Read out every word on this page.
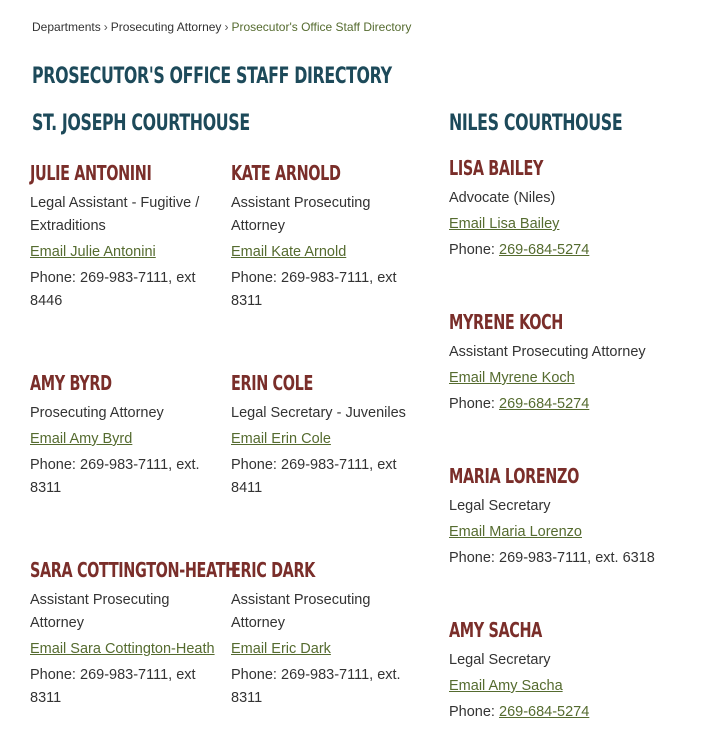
Departments › Prosecuting Attorney › Prosecutor's Office Staff Directory
PROSECUTOR'S OFFICE STAFF DIRECTORY
ST. JOSEPH COURTHOUSE
JULIE ANTONINI
Legal Assistant - Fugitive / Extraditions
Email Julie Antonini
Phone: 269-983-7111, ext 8446
KATE ARNOLD
Assistant Prosecuting Attorney
Email Kate Arnold
Phone: 269-983-7111, ext 8311
AMY BYRD
Prosecuting Attorney
Email Amy Byrd
Phone: 269-983-7111, ext. 8311
ERIN COLE
Legal Secretary - Juveniles
Email Erin Cole
Phone: 269-983-7111, ext 8411
SARA COTTINGTON-HEATH
Assistant Prosecuting Attorney
Email Sara Cottington-Heath
Phone: 269-983-7111, ext 8311
ERIC DARK
Assistant Prosecuting Attorney
Email Eric Dark
Phone: 269-983-7111, ext. 8311
NILES COURTHOUSE
LISA BAILEY
Advocate (Niles)
Email Lisa Bailey
Phone: 269-684-5274
MYRENE KOCH
Assistant Prosecuting Attorney
Email Myrene Koch
Phone: 269-684-5274
MARIA LORENZO
Legal Secretary
Email Maria Lorenzo
Phone: 269-983-7111, ext. 6318
AMY SACHA
Legal Secretary
Email Amy Sacha
Phone: 269-684-5274
